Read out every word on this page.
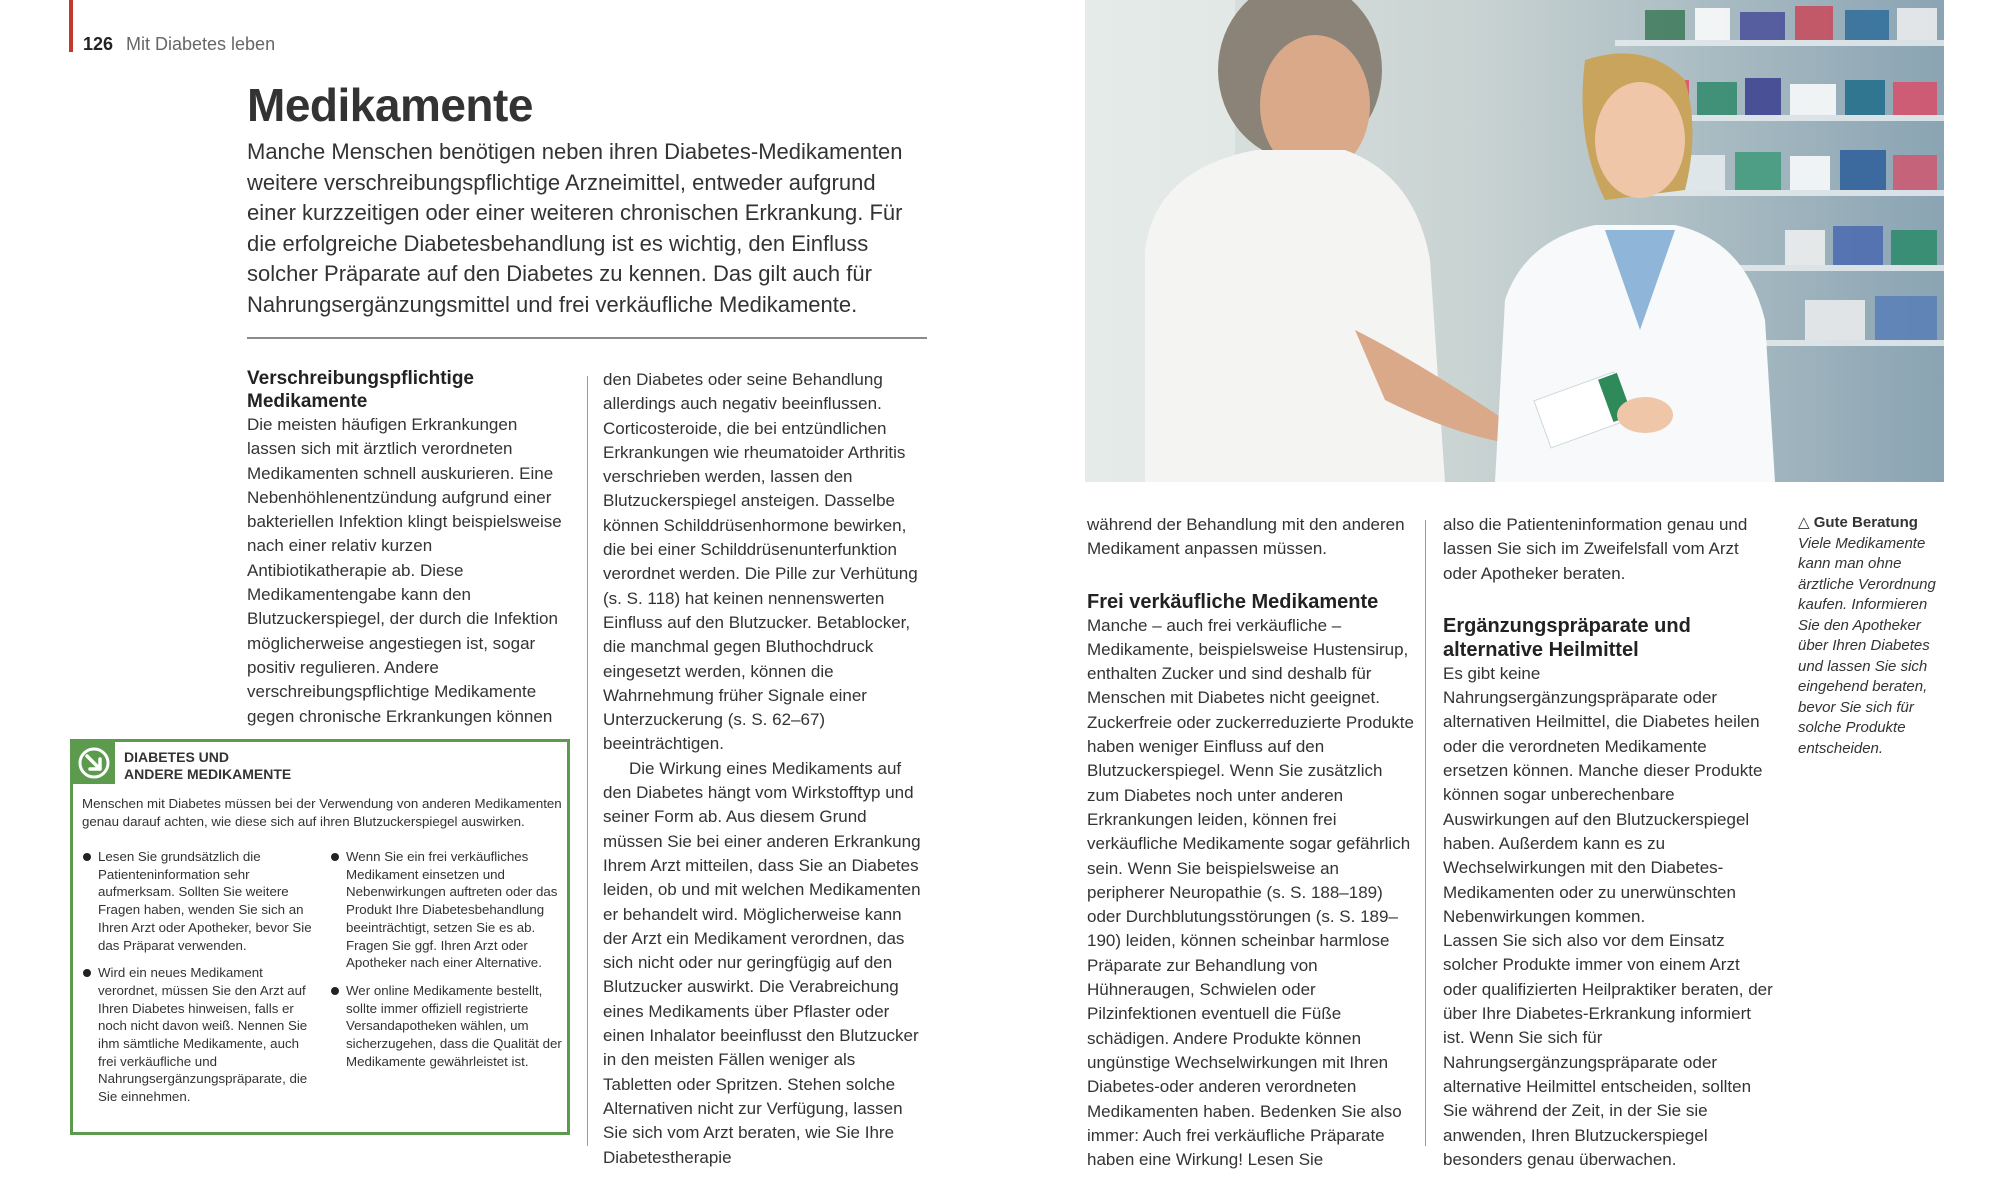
126 Mit Diabetes leben
Medikamente
Manche Menschen benötigen neben ihren Diabetes-Medikamenten weitere verschreibungspflichtige Arzneimittel, entweder aufgrund einer kurzzeitigen oder einer weiteren chronischen Erkrankung. Für die erfolgreiche Diabetesbehandlung ist es wichtig, den Einfluss solcher Präparate auf den Diabetes zu kennen. Das gilt auch für Nahrungsergänzungsmittel und frei verkäufliche Medikamente.
Verschreibungspflichtige Medikamente
Die meisten häufigen Erkrankungen lassen sich mit ärztlich verordneten Medikamenten schnell auskurieren. Eine Nebenhöhlenentzündung aufgrund einer bakteriellen Infektion klingt beispielsweise nach einer relativ kurzen Antibiotikatherapie ab. Diese Medikamentengabe kann den Blutzuckerspiegel, der durch die Infektion möglicherweise angestiegen ist, sogar positiv regulieren. Andere verschreibungspflichtige Medikamente gegen chronische Erkrankungen können
DIABETES UND
ANDERE MEDIKAMENTE
Menschen mit Diabetes müssen bei der Verwendung von anderen Medikamenten genau darauf achten, wie diese sich auf ihren Blutzuckerspiegel auswirken.
Lesen Sie grundsätzlich die Patienteninformation sehr aufmerksam. Sollten Sie weitere Fragen haben, wenden Sie sich an Ihren Arzt oder Apotheker, bevor Sie das Präparat verwenden.
Wird ein neues Medikament verordnet, müssen Sie den Arzt auf Ihren Diabetes hinweisen, falls er noch nicht davon weiß. Nennen Sie ihm sämtliche Medikamente, auch frei verkäufliche und Nahrungsergänzungspräparate, die Sie einnehmen.
Wenn Sie ein frei verkäufliches Medikament einsetzen und Nebenwirkungen auftreten oder das Produkt Ihre Diabetesbehandlung beeinträchtigt, setzen Sie es ab. Fragen Sie ggf. Ihren Arzt oder Apotheker nach einer Alternative.
Wer online Medikamente bestellt, sollte immer offiziell registrierte Versandapotheken wählen, um sicherzugehen, dass die Qualität der Medikamente gewährleistet ist.
den Diabetes oder seine Behandlung allerdings auch negativ beeinflussen. Corticosteroide, die bei entzündlichen Erkrankungen wie rheumatoider Arthritis verschrieben werden, lassen den Blutzuckerspiegel ansteigen. Dasselbe können Schilddrüsenhormone bewirken, die bei einer Schilddrüsenunterfunktion verordnet werden. Die Pille zur Verhütung (s. S. 118) hat keinen nennenswerten Einfluss auf den Blutzucker. Betablocker, die manchmal gegen Bluthochdruck eingesetzt werden, können die Wahrnehmung früher Signale einer Unterzuckerung (s. S. 62–67) beeinträchtigen.
Die Wirkung eines Medikaments auf den Diabetes hängt vom Wirkstofftyp und seiner Form ab. Aus diesem Grund müssen Sie bei einer anderen Erkrankung Ihrem Arzt mitteilen, dass Sie an Diabetes leiden, ob und mit welchen Medikamenten er behandelt wird. Möglicherweise kann der Arzt ein Medikament verordnen, das sich nicht oder nur geringfügig auf den Blutzucker auswirkt. Die Verabreichung eines Medikaments über Pflaster oder einen Inhalator beeinflusst den Blutzucker in den meisten Fällen weniger als Tabletten oder Spritzen. Stehen solche Alternativen nicht zur Verfügung, lassen Sie sich vom Arzt beraten, wie Sie Ihre Diabetestherapie
während der Behandlung mit den anderen Medikament anpassen müssen.
Frei verkäufliche Medikamente
Manche – auch frei verkäufliche – Medikamente, beispielsweise Hustensirup, enthalten Zucker und sind deshalb für Menschen mit Diabetes nicht geeignet. Zuckerfreie oder zuckerreduzierte Produkte haben weniger Einfluss auf den Blutzuckerspiegel. Wenn Sie zusätzlich zum Diabetes noch unter anderen Erkrankungen leiden, können frei verkäufliche Medikamente sogar gefährlich sein. Wenn Sie beispielsweise an peripherer Neuropathie (s. S. 188–189) oder Durchblutungsstörungen (s. S. 189–190) leiden, können scheinbar harmlose Präparate zur Behandlung von Hühneraugen, Schwielen oder Pilzinfektionen eventuell die Füße schädigen. Andere Produkte können ungünstige Wechselwirkungen mit Ihren Diabetes-oder anderen verordneten Medikamenten haben. Bedenken Sie also immer: Auch frei verkäufliche Präparate haben eine Wirkung! Lesen Sie
also die Patienteninformation genau und lassen Sie sich im Zweifelsfall vom Arzt oder Apotheker beraten.
Ergänzungspräparate und alternative Heilmittel
Es gibt keine Nahrungsergänzungspräparate oder alternativen Heilmittel, die Diabetes heilen oder die verordneten Medikamente ersetzen können. Manche dieser Produkte können sogar unberechenbare Auswirkungen auf den Blutzuckerspiegel haben. Außerdem kann es zu Wechselwirkungen mit den Diabetes-Medikamenten oder zu unerwünschten Nebenwirkungen kommen.
Lassen Sie sich also vor dem Einsatz solcher Produkte immer von einem Arzt oder qualifizierten Heilpraktiker beraten, der über Ihre Diabetes-Erkrankung informiert ist. Wenn Sie sich für Nahrungsergänzungspräparate oder alternative Heilmittel entscheiden, sollten Sie während der Zeit, in der Sie sie anwenden, Ihren Blutzuckerspiegel besonders genau überwachen.
△ Gute Beratung
Viele Medikamente kann man ohne ärztliche Verordnung kaufen. Informieren Sie den Apotheker über Ihren Diabetes und lassen Sie sich eingehend beraten, bevor Sie sich für solche Produkte entscheiden.
